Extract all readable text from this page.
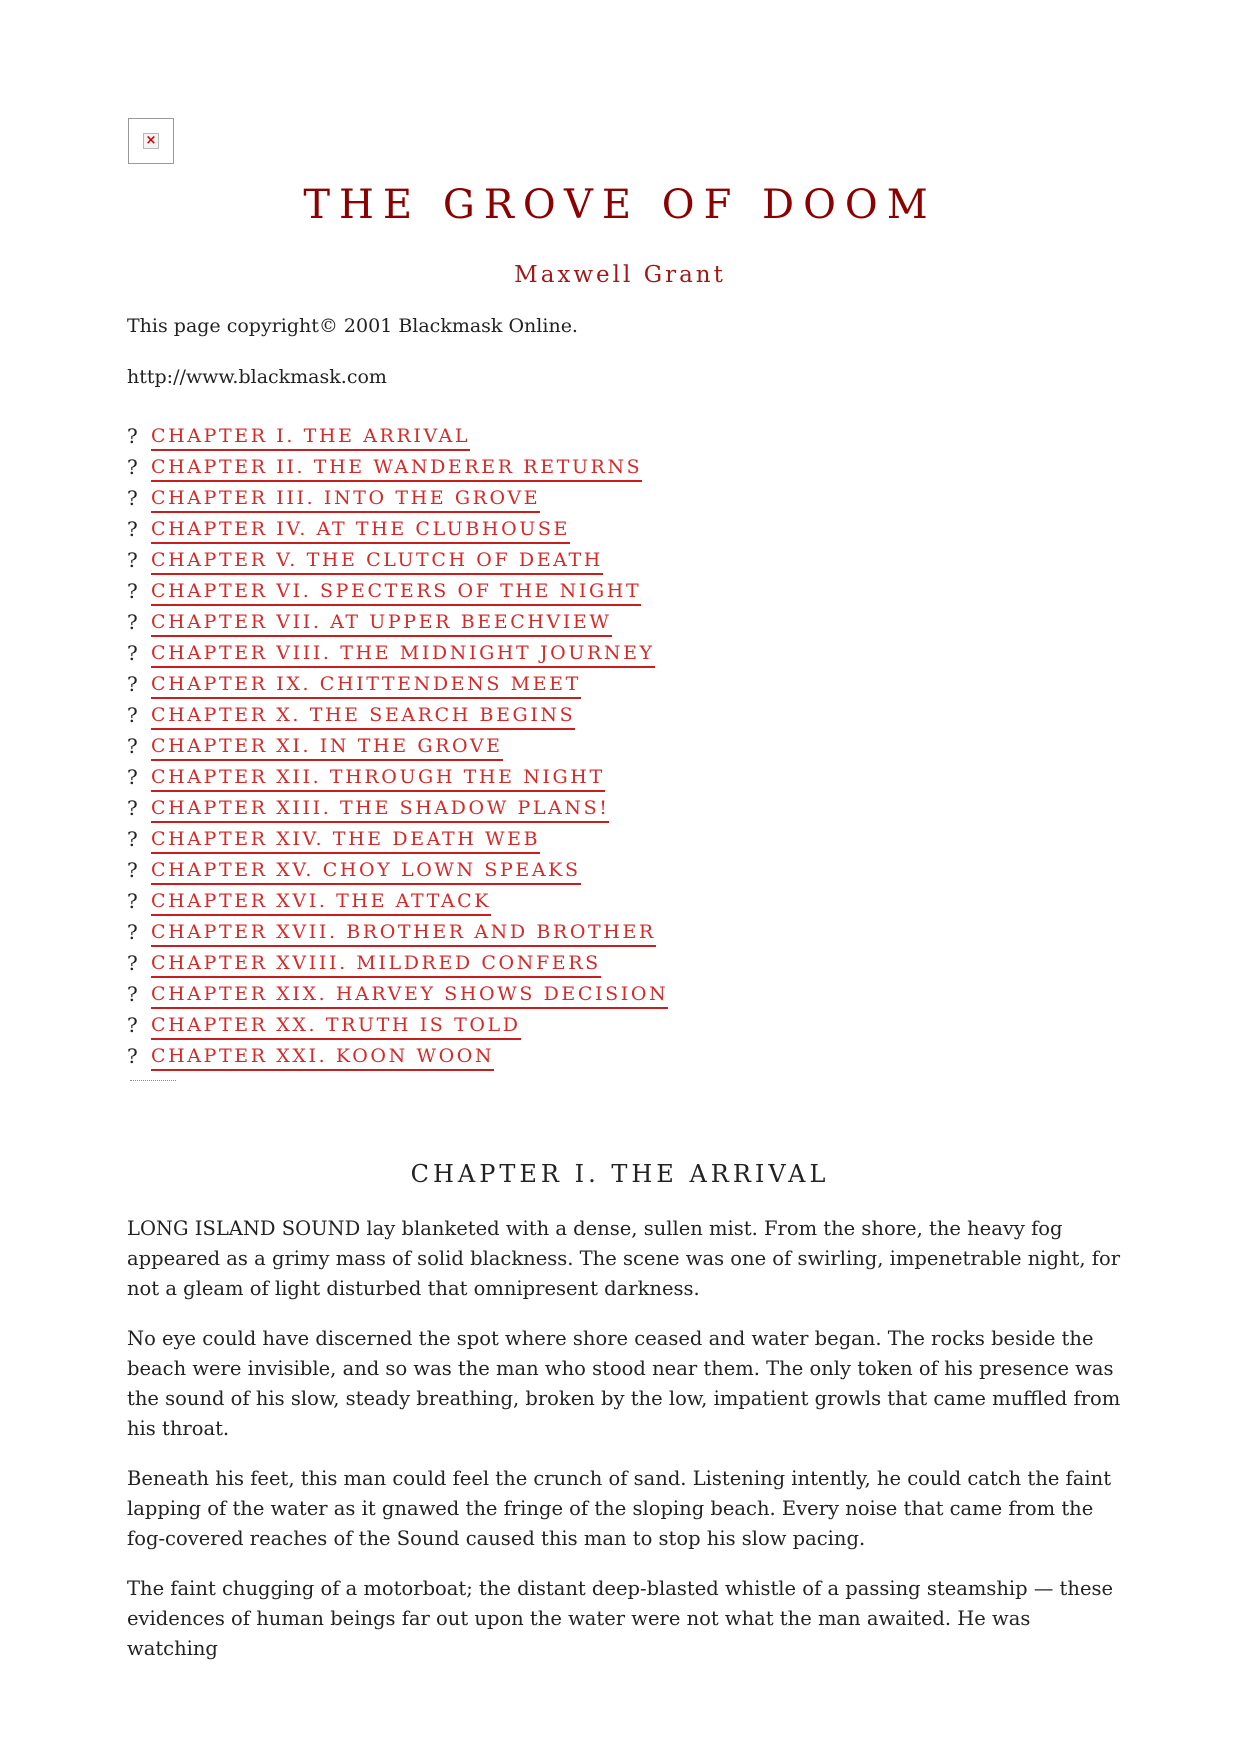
×
THE GROVE OF DOOM
Maxwell Grant
This page copyright© 2001 Blackmask Online.
http://www.blackmask.com
? CHAPTER I. THE ARRIVAL
? CHAPTER II. THE WANDERER RETURNS
? CHAPTER III. INTO THE GROVE
? CHAPTER IV. AT THE CLUBHOUSE
? CHAPTER V. THE CLUTCH OF DEATH
? CHAPTER VI. SPECTERS OF THE NIGHT
? CHAPTER VII. AT UPPER BEECHVIEW
? CHAPTER VIII. THE MIDNIGHT JOURNEY
? CHAPTER IX. CHITTENDENS MEET
? CHAPTER X. THE SEARCH BEGINS
? CHAPTER XI. IN THE GROVE
? CHAPTER XII. THROUGH THE NIGHT
? CHAPTER XIII. THE SHADOW PLANS!
? CHAPTER XIV. THE DEATH WEB
? CHAPTER XV. CHOY LOWN SPEAKS
? CHAPTER XVI. THE ATTACK
? CHAPTER XVII. BROTHER AND BROTHER
? CHAPTER XVIII. MILDRED CONFERS
? CHAPTER XIX. HARVEY SHOWS DECISION
? CHAPTER XX. TRUTH IS TOLD
? CHAPTER XXI. KOON WOON
CHAPTER I. THE ARRIVAL

LONG ISLAND SOUND lay blanketed with a dense, sullen mist. From the shore, the heavy fog appeared as a grimy mass of solid blackness. The scene was one of swirling, impenetrable night, for not a gleam of light disturbed that omnipresent darkness.

No eye could have discerned the spot where shore ceased and water began. The rocks beside the beach were invisible, and so was the man who stood near them. The only token of his presence was the sound of his slow, steady breathing, broken by the low, impatient growls that came muffled from his throat.

Beneath his feet, this man could feel the crunch of sand. Listening intently, he could catch the faint lapping of the water as it gnawed the fringe of the sloping beach. Every noise that came from the fog-covered reaches of the Sound caused this man to stop his slow pacing.

The faint chugging of a motorboat; the distant deep-blasted whistle of a passing steamship — these evidences of human beings far out upon the water were not what the man awaited. He was watching
